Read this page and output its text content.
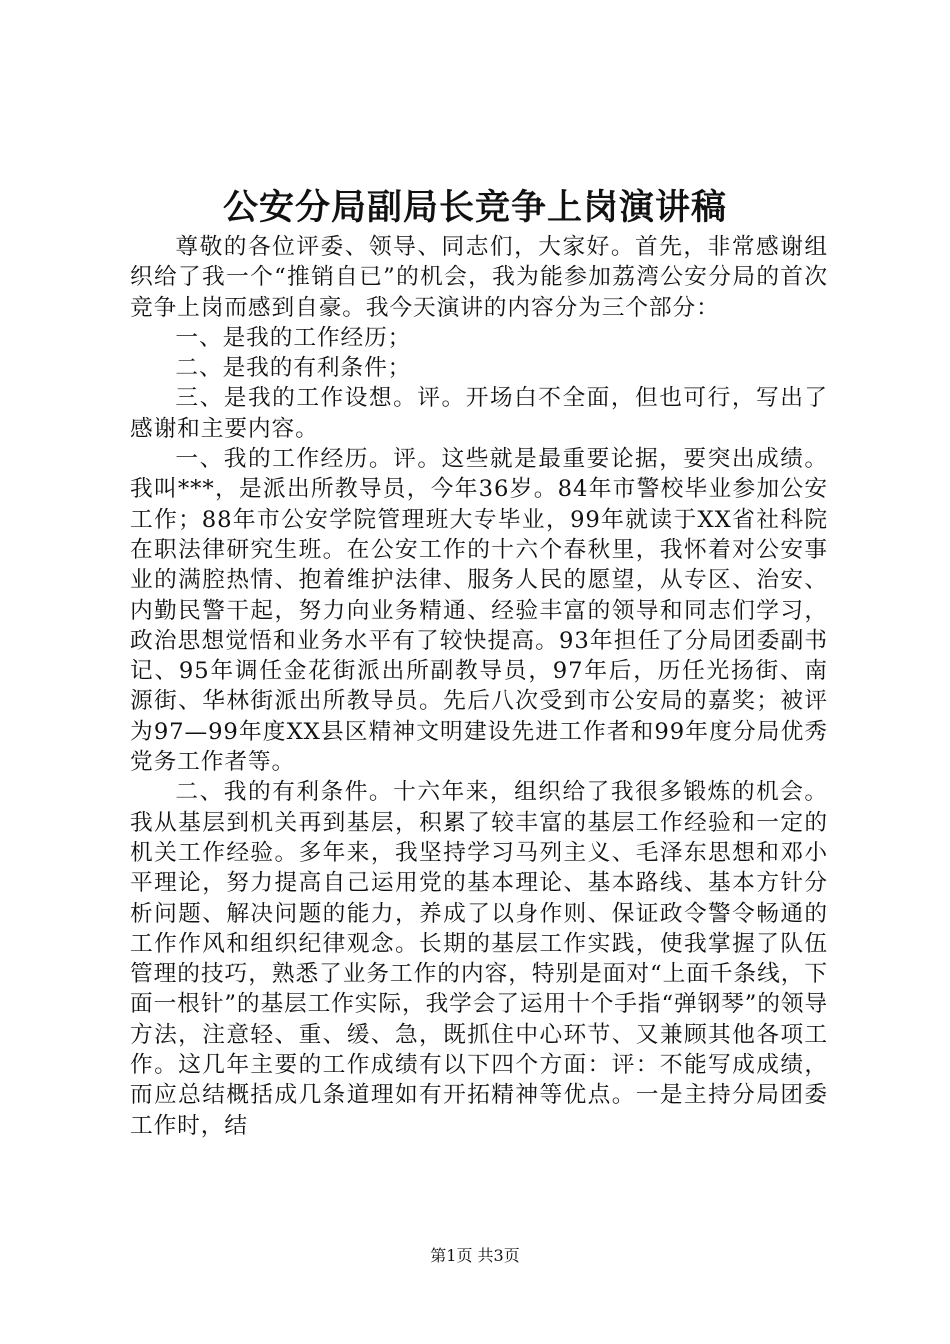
公安分局副局长竞争上岗演讲稿

尊敬的各位评委、领导、同志们，大家好。首先，非常感谢组织给了我一个“推销自已”的机会，我为能参加荔湾公安分局的首次竞争上岗而感到自豪。我今天演讲的内容分为三个部分：

一、是我的工作经历；

二、是我的有利条件；

三、是我的工作设想。评。开场白不全面，但也可行，写出了感谢和主要内容。

一、我的工作经历。评。这些就是最重要论据，要突出成绩。我叫***，是派出所教导员，今年36岁。84年市警校毕业参加公安工作；88年市公安学院管理班大专毕业，99年就读于XX省社科院在职法律研究生班。在公安工作的十六个春秋里，我怀着对公安事业的满腔热情、抱着维护法律、服务人民的愿望，从专区、治安、内勤民警干起，努力向业务精通、经验丰富的领导和同志们学习，政治思想觉悟和业务水平有了较快提高。93年担任了分局团委副书记、95年调任金花街派出所副教导员，97年后，历任光扬街、南源街、华林街派出所教导员。先后八次受到市公安局的嘉奖；被评为97—99年度XX县区精神文明建设先进工作者和99年度分局优秀党务工作者等。

二、我的有利条件。十六年来，组织给了我很多锻炼的机会。我从基层到机关再到基层，积累了较丰富的基层工作经验和一定的机关工作经验。多年来，我坚持学习马列主义、毛泽东思想和邓小平理论，努力提高自己运用党的基本理论、基本路线、基本方针分析问题、解决问题的能力，养成了以身作则、保证政令警令畅通的工作作风和组织纪律观念。长期的基层工作实践，使我掌握了队伍管理的技巧，熟悉了业务工作的内容，特别是面对“上面千条线，下面一根针”的基层工作实际，我学会了运用十个手指“弹钢琴”的领导方法，注意轻、重、缓、急，既抓住中心环节、又兼顾其他各项工作。这几年主要的工作成绩有以下四个方面：评：不能写成成绩，而应总结概括成几条道理如有开拓精神等优点。一是主持分局团委工作时，结

第1页 共3页
